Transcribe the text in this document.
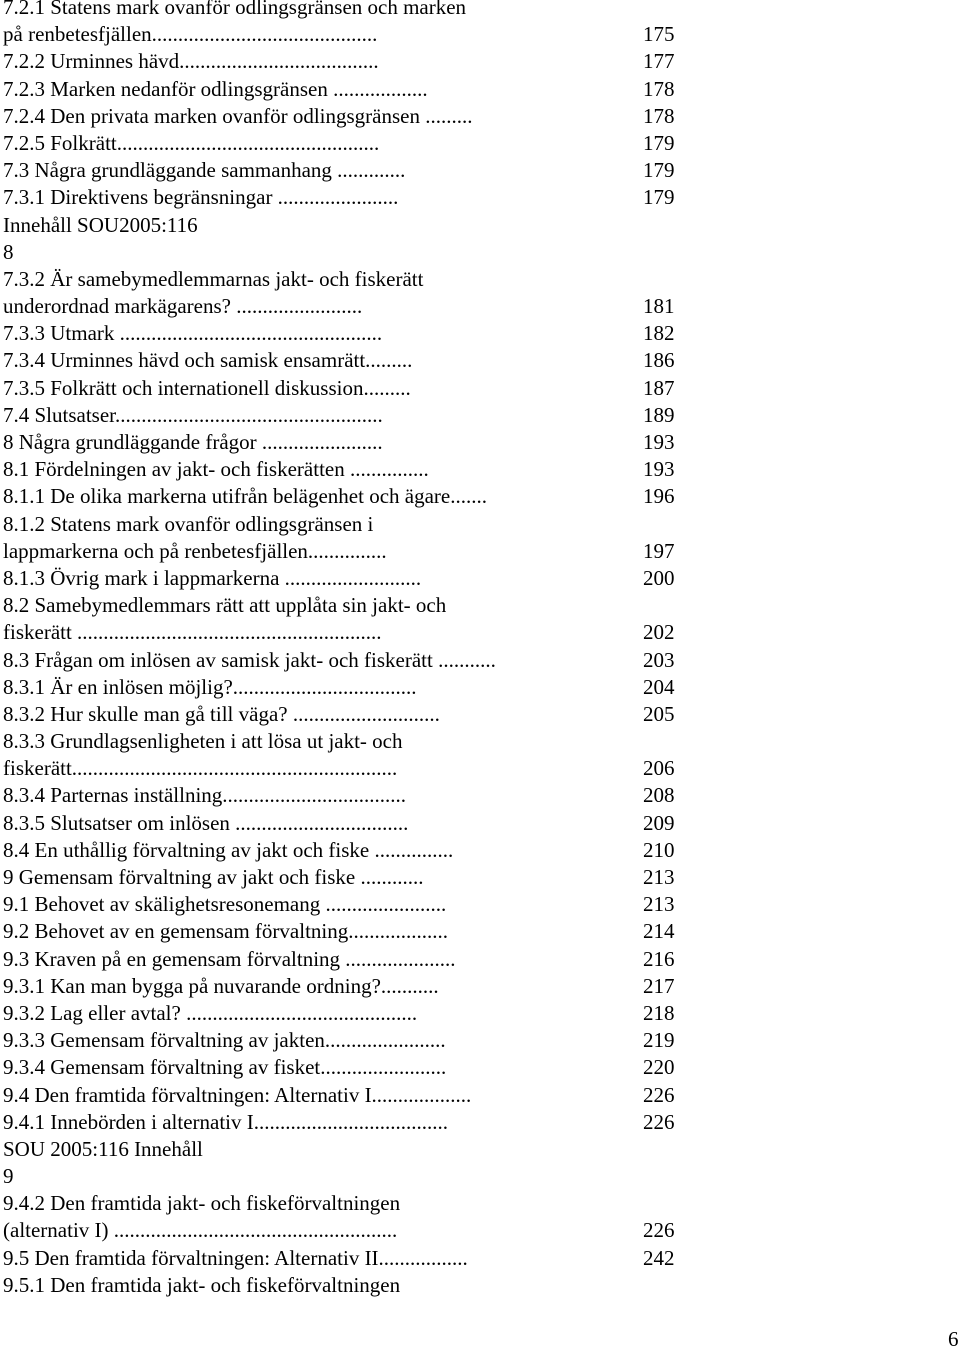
7.2.1 Statens mark ovanför odlingsgränsen och marken
på renbetesfjällen...........................................	175
7.2.2 Urminnes hävd......................................	177
7.2.3 Marken nedanför odlingsgränsen ..................	178
7.2.4 Den privata marken ovanför odlingsgränsen .........	178
7.2.5 Folkrätt..................................................	179
7.3 Några grundläggande sammanhang .............	179
7.3.1 Direktivens begränsningar .......................	179
Innehåll SOU2005:116
8
7.3.2 Är samebymedlemmarnas jakt- och fiskerätt
underordnad markägarens? ........................	181
7.3.3 Utmark ..................................................	182
7.3.4 Urminnes hävd och samisk ensamrätt.........	186
7.3.5 Folkrätt och internationell diskussion.........	187
7.4 Slutsatser...................................................	189
8 Några grundläggande frågor .......................	193
8.1 Fördelningen av jakt- och fiskerätten ...............	193
8.1.1 De olika markerna utifrån belägenhet och ägare.......	196
8.1.2 Statens mark ovanför odlingsgränsen i
lappmarkerna och på renbetesfjällen...............	197
8.1.3 Övrig mark i lappmarkerna ..........................	200
8.2 Samebymedlemmars rätt att upplåta sin jakt- och
fiskerätt ..........................................................	202
8.3 Frågan om inlösen av samisk jakt- och fiskerätt ...........	203
8.3.1 Är en inlösen möjlig?...................................	204
8.3.2 Hur skulle man gå till väga? ............................	205
8.3.3 Grundlagsenligheten i att lösa ut jakt- och
fiskerätt..............................................................	206
8.3.4 Parternas inställning...................................	208
8.3.5 Slutsatser om inlösen .................................	209
8.4 En uthållig förvaltning av jakt och fiske ...............	210
9 Gemensam förvaltning av jakt och fiske ............	213
9.1 Behovet av skälighetsresonemang .......................	213
9.2 Behovet av en gemensam förvaltning...................	214
9.3 Kraven på en gemensam förvaltning .....................	216
9.3.1 Kan man bygga på nuvarande ordning?...........	217
9.3.2 Lag eller avtal? ............................................	218
9.3.3 Gemensam förvaltning av jakten.......................	219
9.3.4 Gemensam förvaltning av fisket........................	220
9.4 Den framtida förvaltningen: Alternativ I...................	226
9.4.1 Innebörden i alternativ I.....................................	226
SOU 2005:116 Innehåll
9
9.4.2 Den framtida jakt- och fiskeförvaltningen
(alternativ I) ......................................................	226
9.5 Den framtida förvaltningen: Alternativ II.................	242
9.5.1 Den framtida jakt- och fiskeförvaltningen
6
